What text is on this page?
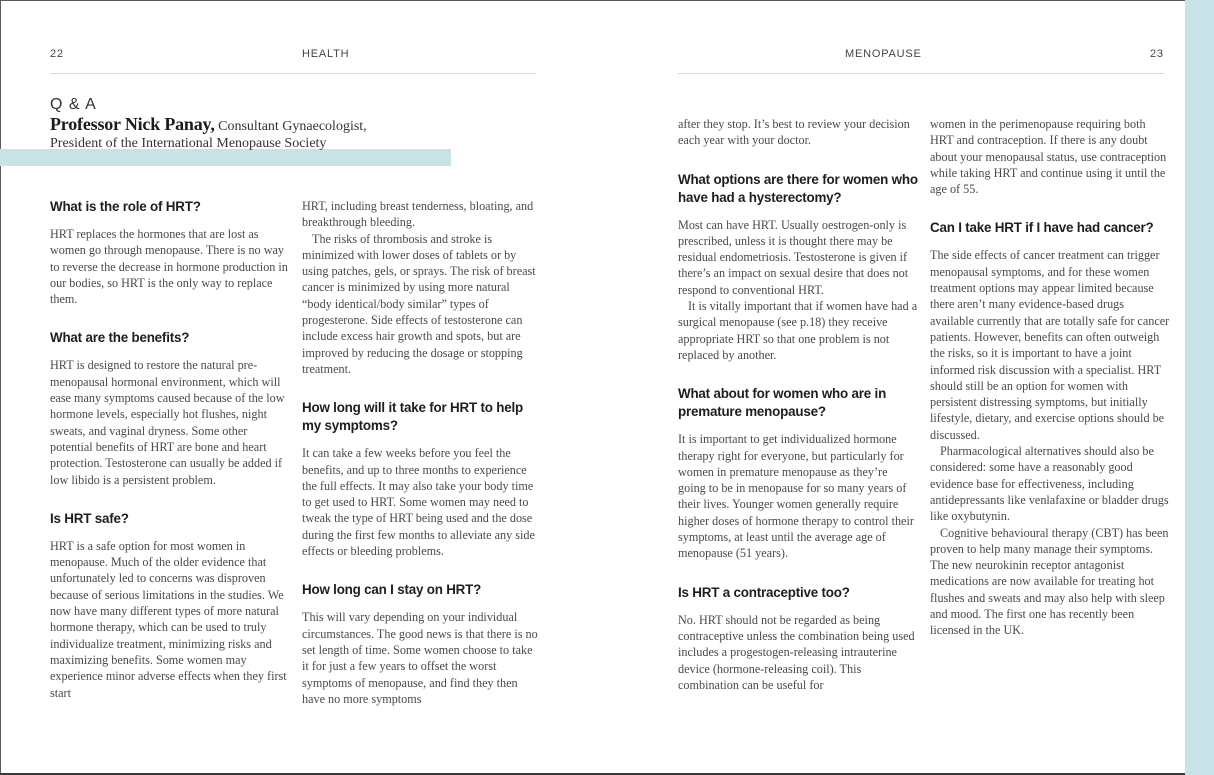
22	HEALTH	MENOPAUSE	23
Q & A
Professor Nick Panay, Consultant Gynaecologist,
President of the International Menopause Society
What is the role of HRT?

HRT replaces the hormones that are lost as women go through menopause. There is no way to reverse the decrease in hormone production in our bodies, so HRT is the only way to replace them.

What are the benefits?

HRT is designed to restore the natural pre-menopausal hormonal environment, which will ease many symptoms caused because of the low hormone levels, especially hot flushes, night sweats, and vaginal dryness. Some other potential benefits of HRT are bone and heart protection. Testosterone can usually be added if low libido is a persistent problem.

Is HRT safe?

HRT is a safe option for most women in menopause. Much of the older evidence that unfortunately led to concerns was disproven because of serious limitations in the studies. We now have many different types of more natural hormone therapy, which can be used to truly individualize treatment, minimizing risks and maximizing benefits. Some women may experience minor adverse effects when they first start

HRT, including breast tenderness, bloating, and breakthrough bleeding.

The risks of thrombosis and stroke is minimized with lower doses of tablets or by using patches, gels, or sprays. The risk of breast cancer is minimized by using more natural “body identical/body similar” types of progesterone. Side effects of testosterone can include excess hair growth and spots, but are improved by reducing the dosage or stopping treatment.

How long will it take for HRT to help my symptoms?

It can take a few weeks before you feel the benefits, and up to three months to experience the full effects. It may also take your body time to get used to HRT. Some women may need to tweak the type of HRT being used and the dose during the first few months to alleviate any side effects or bleeding problems.

How long can I stay on HRT?

This will vary depending on your individual circumstances. The good news is that there is no set length of time. Some women choose to take it for just a few years to offset the worst symptoms of menopause, and find they then have no more symptoms

after they stop. It’s best to review your decision each year with your doctor.

What options are there for women who have had a hysterectomy?

Most can have HRT. Usually oestrogen-only is prescribed, unless it is thought there may be residual endometriosis. Testosterone is given if there’s an impact on sexual desire that does not respond to conventional HRT.

It is vitally important that if women have had a surgical menopause (see p.18) they receive appropriate HRT so that one problem is not replaced by another.

What about for women who are in premature menopause?

It is important to get individualized hormone therapy right for everyone, but particularly for women in premature menopause as they’re going to be in menopause for so many years of their lives. Younger women generally require higher doses of hormone therapy to control their symptoms, at least until the average age of menopause (51 years).

Is HRT a contraceptive too?

No. HRT should not be regarded as being contraceptive unless the combination being used includes a progestogen-releasing intrauterine device (hormone-releasing coil). This combination can be useful for

women in the perimenopause requiring both HRT and contraception. If there is any doubt about your menopausal status, use contraception while taking HRT and continue using it until the age of 55.

Can I take HRT if I have had cancer?

The side effects of cancer treatment can trigger menopausal symptoms, and for these women treatment options may appear limited because there aren’t many evidence-based drugs available currently that are totally safe for cancer patients. However, benefits can often outweigh the risks, so it is important to have a joint informed risk discussion with a specialist. HRT should still be an option for women with persistent distressing symptoms, but initially lifestyle, dietary, and exercise options should be discussed.

Pharmacological alternatives should also be considered: some have a reasonably good evidence base for effectiveness, including antidepressants like venlafaxine or bladder drugs like oxybutynin.

Cognitive behavioural therapy (CBT) has been proven to help many manage their symptoms. The new neurokinin receptor antagonist medications are now available for treating hot flushes and sweats and may also help with sleep and mood. The first one has recently been licensed in the UK.
